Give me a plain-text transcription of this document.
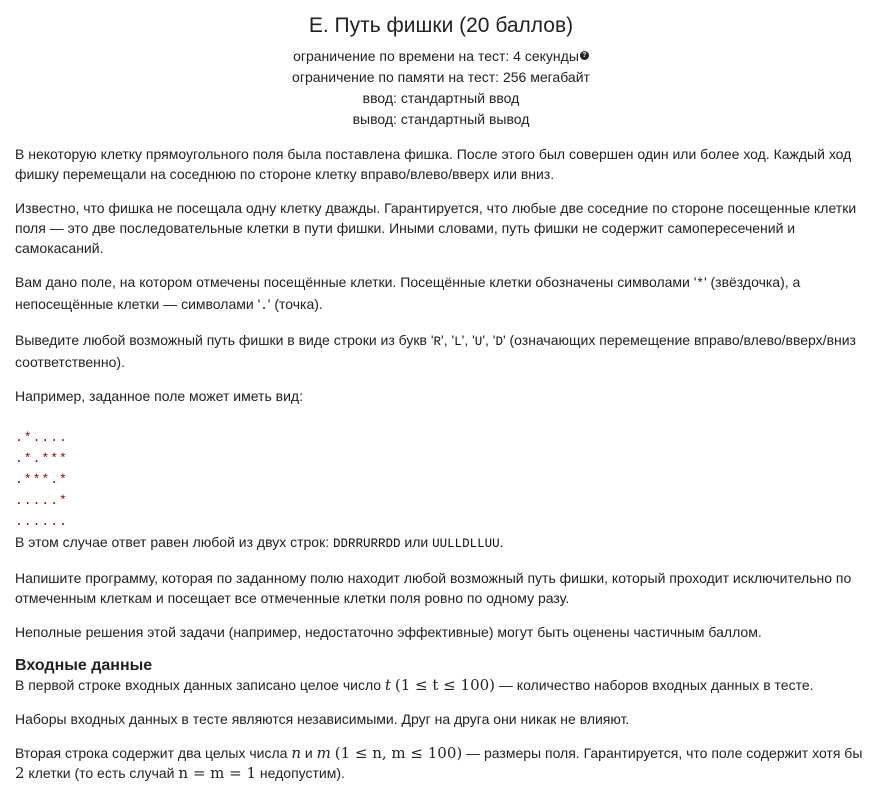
E. Путь фишки (20 баллов)
ограничение по времени на тест: 4 секунды ?
ограничение по памяти на тест: 256 мегабайт
ввод: стандартный ввод
вывод: стандартный вывод

В некоторую клетку прямоугольного поля была поставлена фишка. После этого был совершен один или более ход. Каждый ход фишку перемещали на соседнюю по стороне клетку вправо/влево/вверх или вниз.

Известно, что фишка не посещала одну клетку дважды. Гарантируется, что любые две соседние по стороне посещенные клетки поля — это две последовательные клетки в пути фишки. Иными словами, путь фишки не содержит самопересечений и самокасаний.

Вам дано поле, на котором отмечены посещённые клетки. Посещённые клетки обозначены символами '*' (звёздочка), а непосещённые клетки — символами '.' (точка).

Выведите любой возможный путь фишки в виде строки из букв 'R', 'L', 'U', 'D' (означающих перемещение вправо/влево/вверх/вниз соответственно).

Например, заданное поле может иметь вид:

.*....
.*.***
.***.*
.....*
......

В этом случае ответ равен любой из двух строк: DDRRURRDD или UULLDLLUU.

Напишите программу, которая по заданному полю находит любой возможный путь фишки, который проходит исключительно по отмеченным клеткам и посещает все отмеченные клетки поля ровно по одному разу.

Неполные решения этой задачи (например, недостаточно эффективные) могут быть оценены частичным баллом.

Входные данные

В первой строке входных данных записано целое число t (1 ≤ t ≤ 100) — количество наборов входных данных в тесте.

Наборы входных данных в тесте являются независимыми. Друг на друга они никак не влияют.

Вторая строка содержит два целых числа n и m (1 ≤ n, m ≤ 100) — размеры поля. Гарантируется, что поле содержит хотя бы 2 клетки (то есть случай n = m = 1 недопустим).
